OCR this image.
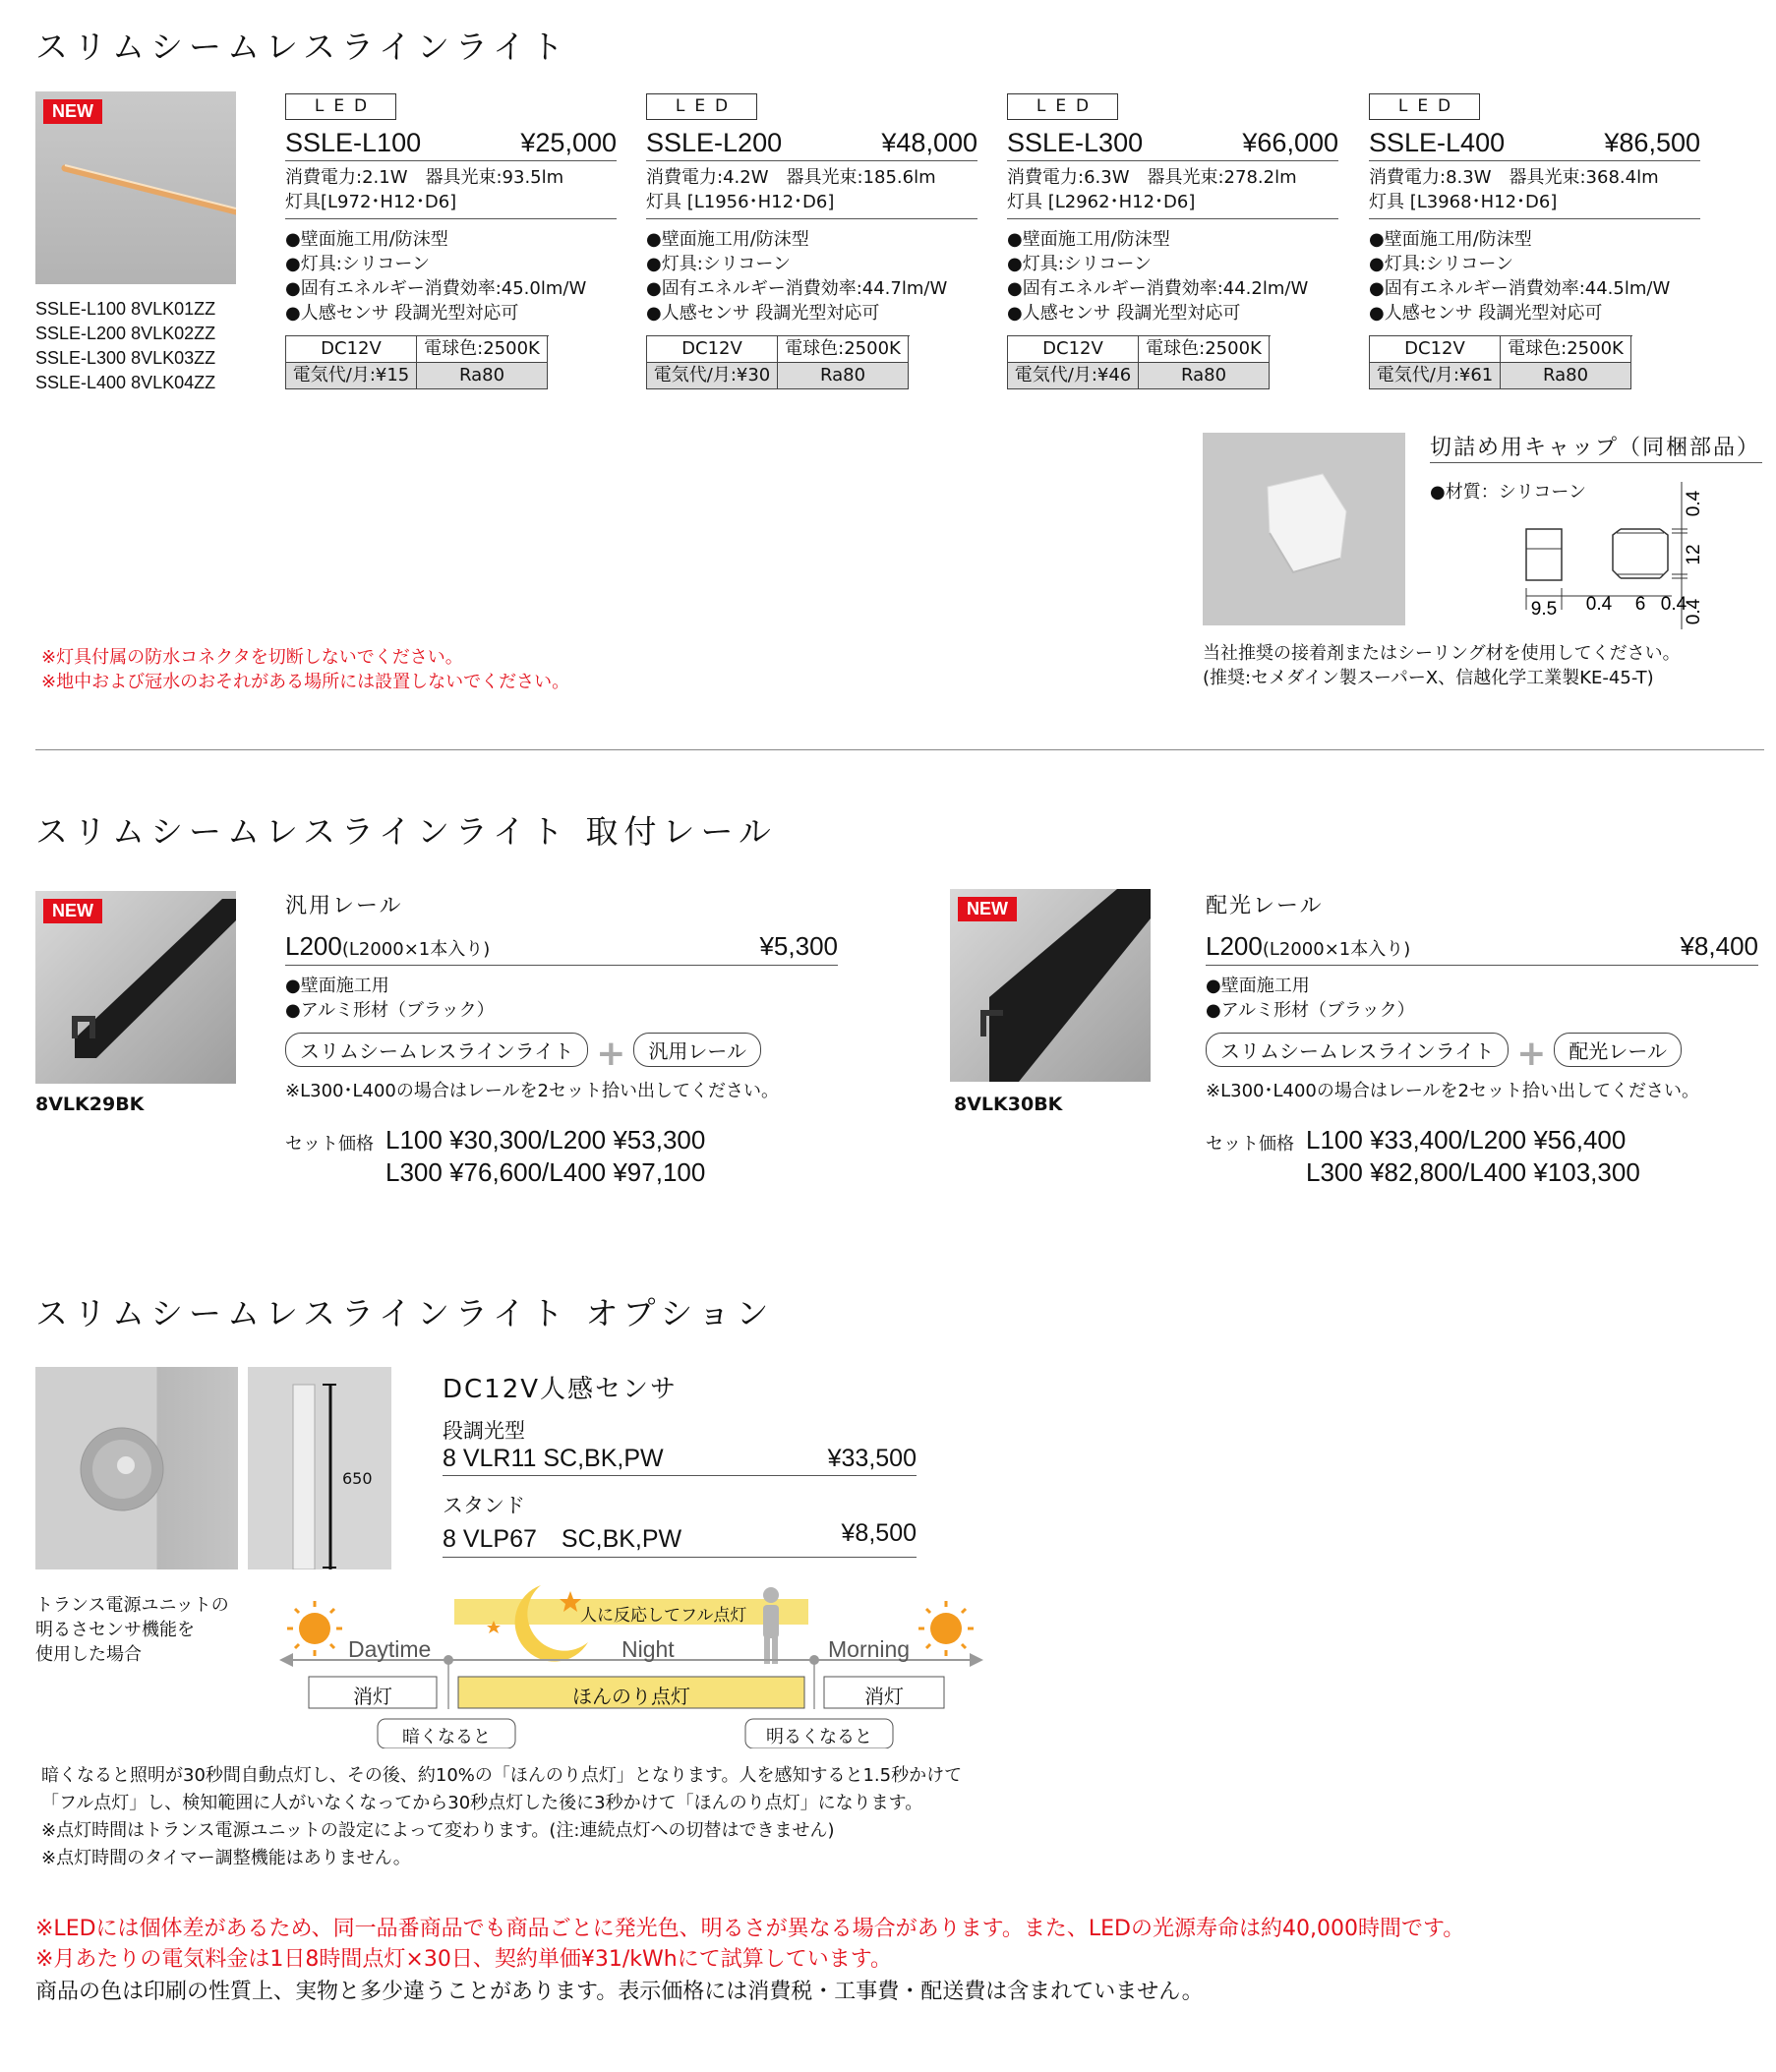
スリムシームレスラインライト
NEW
SSLE-L100 8VLK01ZZ
SSLE-L200 8VLK02ZZ
SSLE-L300 8VLK03ZZ
SSLE-L400 8VLK04ZZ
LED
SSLE-L100	¥25,000
消費電力:2.1W　器具光束:93.5lm
灯具[L972･H12･D6]
●壁面施工用/防沫型
●灯具:シリコーン
●固有エネルギー消費効率:45.0lm/W
●人感センサ 段調光型対応可
DC12V	電球色:2500K
電気代/月:¥15	Ra80
LED
SSLE-L200	¥48,000
消費電力:4.2W　器具光束:185.6lm
灯具 [L1956･H12･D6]
●壁面施工用/防沫型
●灯具:シリコーン
●固有エネルギー消費効率:44.7lm/W
●人感センサ 段調光型対応可
DC12V	電球色:2500K
電気代/月:¥30	Ra80
LED
SSLE-L300	¥66,000
消費電力:6.3W　器具光束:278.2lm
灯具 [L2962･H12･D6]
●壁面施工用/防沫型
●灯具:シリコーン
●固有エネルギー消費効率:44.2lm/W
●人感センサ 段調光型対応可
DC12V	電球色:2500K
電気代/月:¥46	Ra80
LED
SSLE-L400	¥86,500
消費電力:8.3W　器具光束:368.4lm
灯具 [L3968･H12･D6]
●壁面施工用/防沫型
●灯具:シリコーン
●固有エネルギー消費効率:44.5lm/W
●人感センサ 段調光型対応可
DC12V	電球色:2500K
電気代/月:¥61	Ra80
※灯具付属の防水コネクタを切断しないでください。
※地中および冠水のおそれがある場所には設置しないでください。
切詰め用キャップ（同梱部品）
●材質：シリコーン	0.4
12
0.4
9.5 0.4 6 0.4
当社推奨の接着剤またはシーリング材を使用してください。
(推奨:セメダイン製スーパーX、信越化学工業製KE-45-T)
スリムシームレスラインライト 取付レール
NEW
8VLK29BK
汎用レール
L200(L2000×1本入り)	¥5,300
●壁面施工用
●アルミ形材（ブラック）
スリムシームレスラインライト + 汎用レール
※L300･L400の場合はレールを2セット拾い出してください。
セット価格 L100 ¥30,300/L200 ¥53,300
L300 ¥76,600/L400 ¥97,100
NEW
8VLK30BK
配光レール
L200(L2000×1本入り)	¥8,400
●壁面施工用
●アルミ形材（ブラック）
スリムシームレスラインライト + 配光レール
※L300･L400の場合はレールを2セット拾い出してください。
セット価格 L100 ¥33,400/L200 ¥56,400
L300 ¥82,800/L400 ¥103,300
スリムシームレスラインライト オプション
650
DC12V人感センサ
段調光型
8 VLR11 SC,BK,PW	¥33,500
スタンド
8 VLP67　SC,BK,PW	¥8,500
トランス電源ユニットの
明るさセンサ機能を
使用した場合
人に反応してフル点灯
Daytime	Night	Morning
消灯	ほんのり点灯	消灯
暗くなると	明るくなると
暗くなると照明が30秒間自動点灯し、その後、約10%の「ほんのり点灯」となります。人を感知すると1.5秒かけて
「フル点灯」し、検知範囲に人がいなくなってから30秒点灯した後に3秒かけて「ほんのり点灯」になります。
※点灯時間はトランス電源ユニットの設定によって変わります。(注:連続点灯への切替はできません)
※点灯時間のタイマー調整機能はありません。
※LEDには個体差があるため、同一品番商品でも商品ごとに発光色、明るさが異なる場合があります。また、LEDの光源寿命は約40,000時間です。
※月あたりの電気料金は1日8時間点灯×30日、契約単価¥31/kWhにて試算しています。
商品の色は印刷の性質上、実物と多少違うことがあります。表示価格には消費税・工事費・配送費は含まれていません。
